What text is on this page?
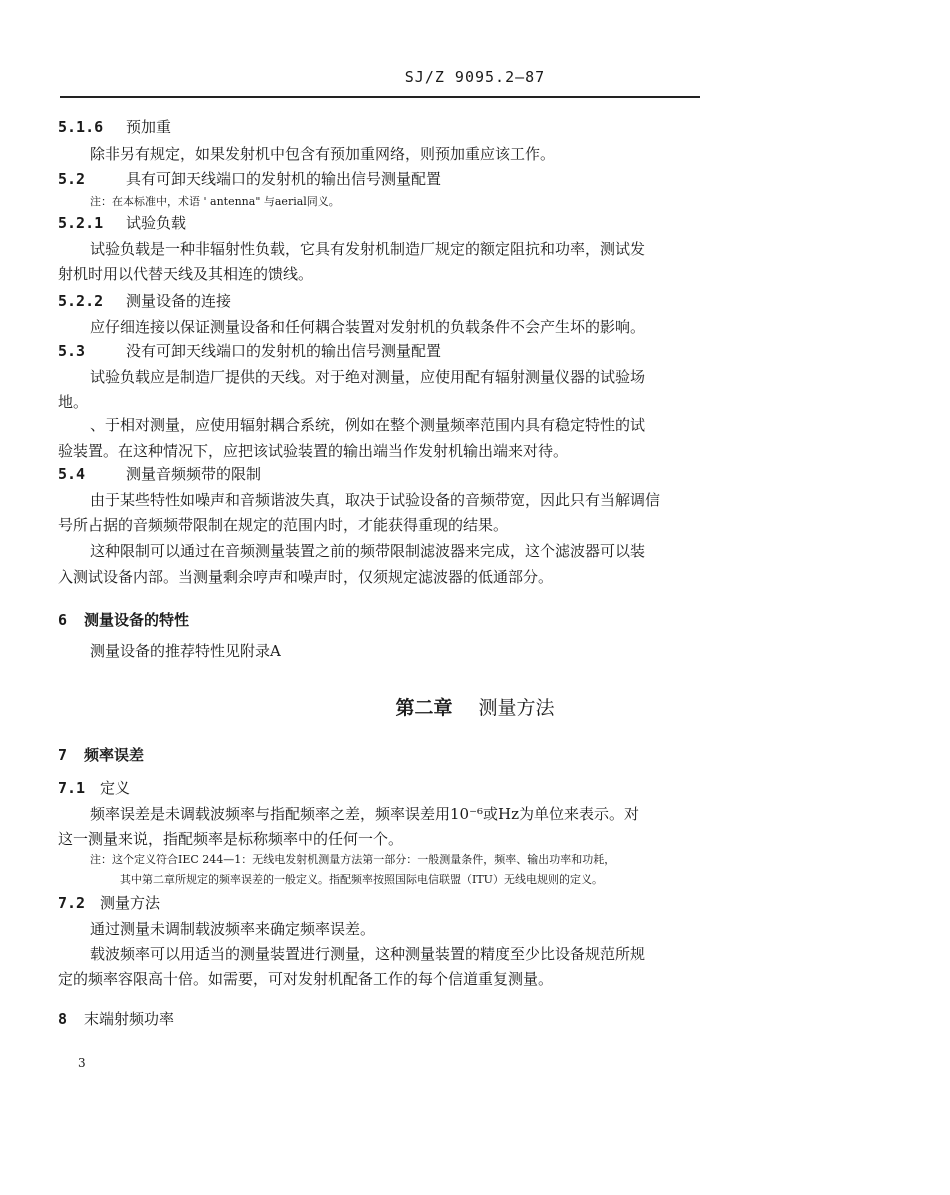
SJ/Z 9095.2—87
5.1.6 预加重
除非另有规定，如果发射机中包含有预加重网络，则预加重应该工作。
5.2	具有可卸天线端口的发射机的输出信号测量配置
注：在本标准中，术语 ' antenna" 与aerial同义。
5.2.1 试验负载
试验负载是一种非辐射性负载，它具有发射机制造厂规定的额定阻抗和功率，测试发
射机时用以代替天线及其相连的馈线。
5.2.2 测量设备的连接
应仔细连接以保证测量设备和任何耦合装置对发射机的负载条件不会产生坏的影响。
5.3	没有可卸天线端口的发射机的输出信号测量配置
试验负载应是制造厂提供的天线。对于绝对测量，应使用配有辐射测量仪器的试验场
地。
、于相对测量，应使用辐射耦合系统，例如在整个测量频率范围内具有稳定特性的试
验装置。在这种情况下，应把该试验装置的输出端当作发射机输出端来对待。
5.4	测量音频频带的限制
由于某些特性如噪声和音频谐波失真，取决于试验设备的音频带宽，因此只有当解调信
号所占据的音频频带限制在规定的范围内时，才能获得重现的结果。
这种限制可以通过在音频测量装置之前的频带限制滤波器来完成，这个滤波器可以装
入测试设备内部。当测量剩余哼声和噪声时，仅须规定滤波器的低通部分。
6 测量设备的特性
测量设备的推荐特性见附录A
第二章 测量方法
7 频率误差
7.1 定义
频率误差是未调载波频率与指配频率之差，频率误差用10⁻⁶或Hz为单位来表示。对
这一测量来说，指配频率是标称频率中的任何一个。
注：这个定义符合IEC 244—1：无线电发射机测量方法第一部分：一般测量条件，频率、输出功率和功耗，
其中第二章所规定的频率误差的一般定义。指配频率按照国际电信联盟（ITU）无线电规则的定义。
7.2 测量方法
通过测量未调制载波频率来确定频率误差。
载波频率可以用适当的测量装置进行测量，这种测量装置的精度至少比设备规范所规
定的频率容限高十倍。如需要，可对发射机配备工作的每个信道重复测量。
8 末端射频功率
3
